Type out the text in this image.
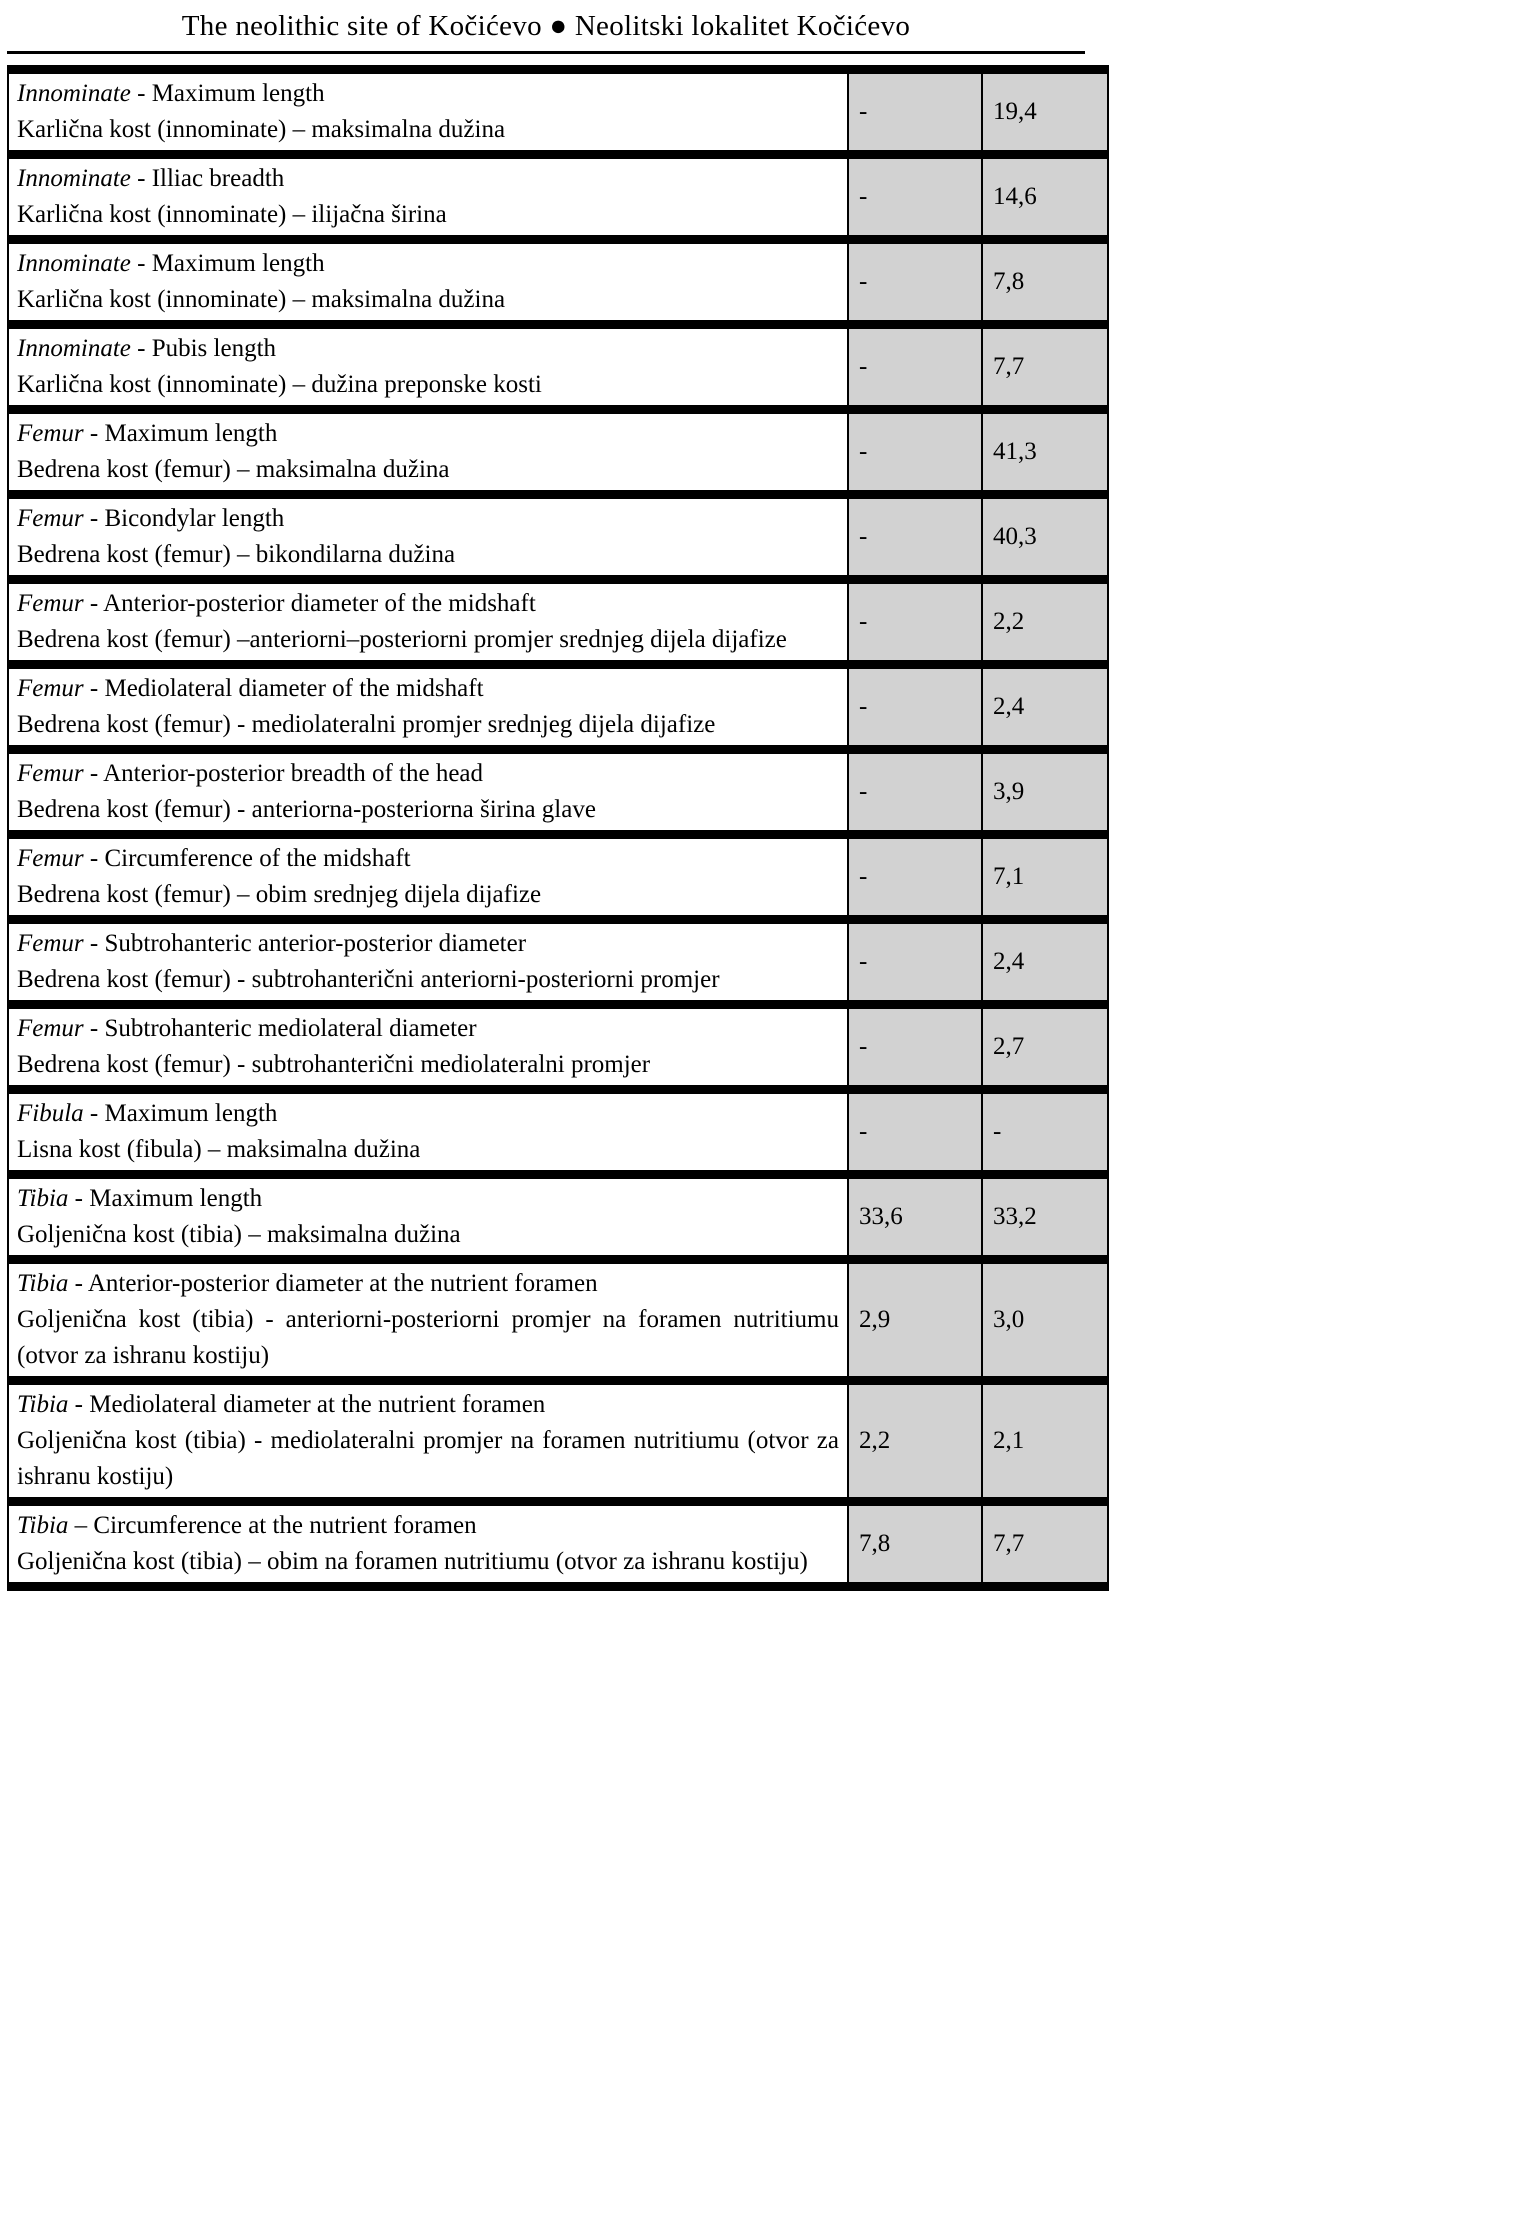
The neolithic site of Kočićevo ● Neolitski lokalitet Kočićevo
Innominate - Maximum length
Karlična kost (innominate) – maksimalna dužina	-	19,4

Innominate - Illiac breadth
Karlična kost (innominate) – ilijačna širina	-	14,6

Innominate - Maximum length
Karlična kost (innominate) – maksimalna dužina	-	7,8

Innominate - Pubis length
Karlična kost (innominate) – dužina preponske kosti	-	7,7

Femur - Maximum length
Bedrena kost (femur) – maksimalna dužina	-	41,3

Femur - Bicondylar length
Bedrena kost (femur) – bikondilarna dužina	-	40,3

Femur - Anterior-posterior diameter of the midshaft
Bedrena kost (femur) –anteriorni–posteriorni promjer srednjeg dijela dijafize	-	2,2

Femur - Mediolateral diameter of the midshaft
Bedrena kost (femur) - mediolateralni promjer srednjeg dijela dijafize	-	2,4

Femur - Anterior-posterior breadth of the head
Bedrena kost (femur) - anteriorna-posteriorna širina glave	-	3,9

Femur - Circumference of the midshaft
Bedrena kost (femur) – obim srednjeg dijela dijafize	-	7,1

Femur - Subtrohanteric anterior-posterior diameter
Bedrena kost (femur) - subtrohanterični anteriorni-posteriorni promjer	-	2,4

Femur - Subtrohanteric mediolateral diameter
Bedrena kost (femur) - subtrohanterični mediolateralni promjer	-	2,7

Fibula - Maximum length
Lisna kost (fibula) – maksimalna dužina	-	-

Tibia - Maximum length
Goljenična kost (tibia) – maksimalna dužina	33,6	33,2

Tibia - Anterior-posterior diameter at the nutrient foramen
Goljenična kost (tibia) - anteriorni-posteriorni promjer na foramen nutritiumu (otvor za ishranu kostiju)	2,9	3,0

Tibia - Mediolateral diameter at the nutrient foramen
Goljenična kost (tibia) - mediolateralni promjer na foramen nutritiumu (otvor za ishranu kostiju)	2,2	2,1

Tibia – Circumference at the nutrient foramen
Goljenična kost (tibia) – obim na foramen nutritiumu (otvor za ishranu kostiju)	7,8	7,7
